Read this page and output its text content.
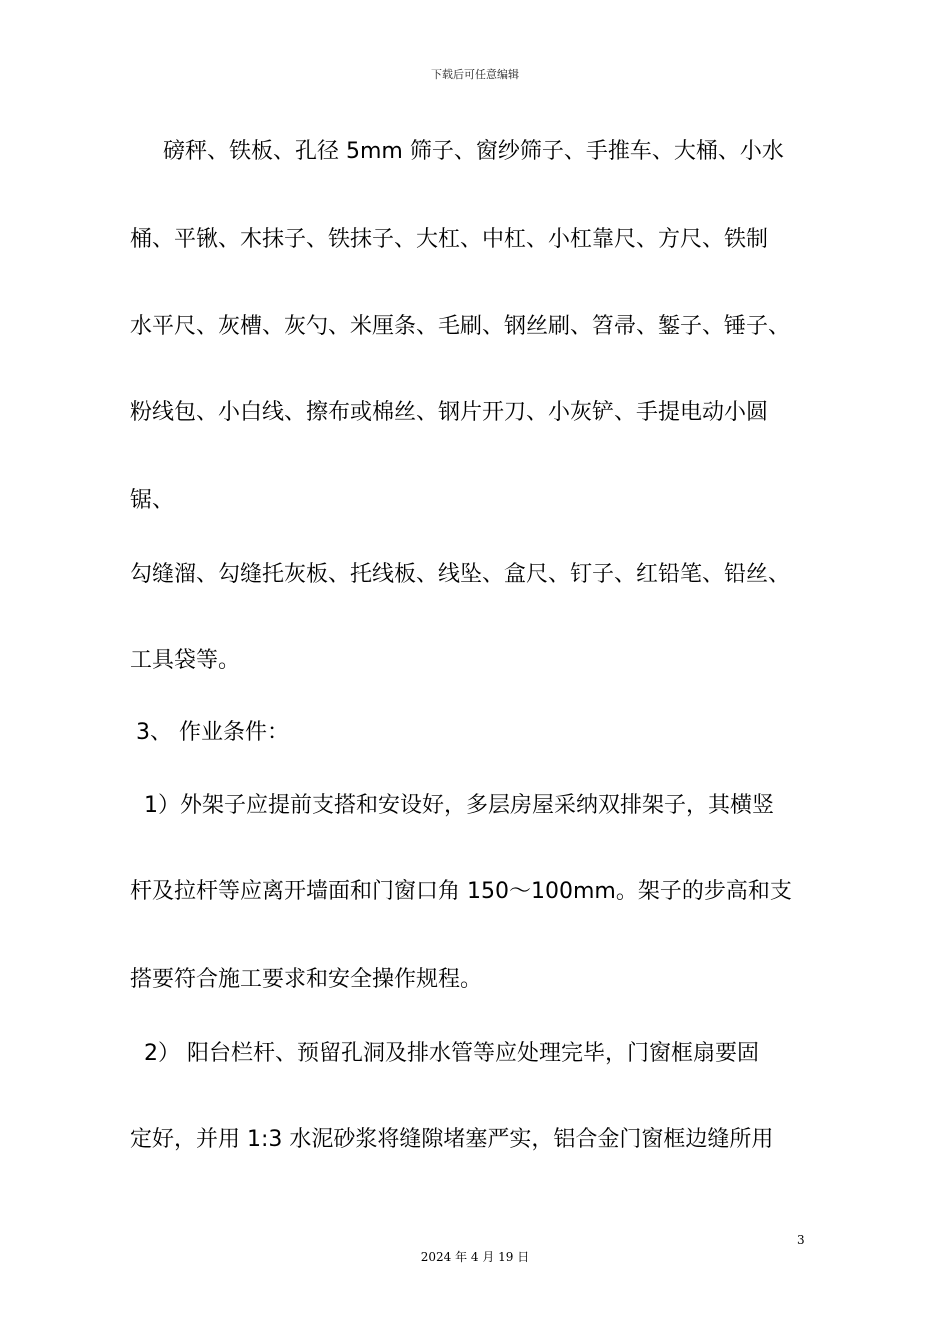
下载后可任意编辑
磅秤、铁板、孔径 5mm 筛子、窗纱筛子、手推车、大桶、小水
桶、平锹、木抹子、铁抹子、大杠、中杠、小杠靠尺、方尺、铁制
水平尺、灰槽、灰勺、米厘条、毛刷、钢丝刷、笤帚、錾子、锤子、
粉线包、小白线、擦布或棉丝、钢片开刀、小灰铲、手提电动小圆
锯、
勾缝溜、勾缝托灰板、托线板、线坠、盒尺、钉子、红铅笔、铅丝、
工具袋等。
3、 作业条件：
1）外架子应提前支搭和安设好，多层房屋采纳双排架子，其横竖
杆及拉杆等应离开墙面和门窗口角 150～100mm。架子的步高和支
搭要符合施工要求和安全操作规程。
2） 阳台栏杆、预留孔洞及排水管等应处理完毕，门窗框扇要固
定好，并用 1:3 水泥砂浆将缝隙堵塞严实，铝合金门窗框边缝所用
3
2024 年 4 月 19 日
